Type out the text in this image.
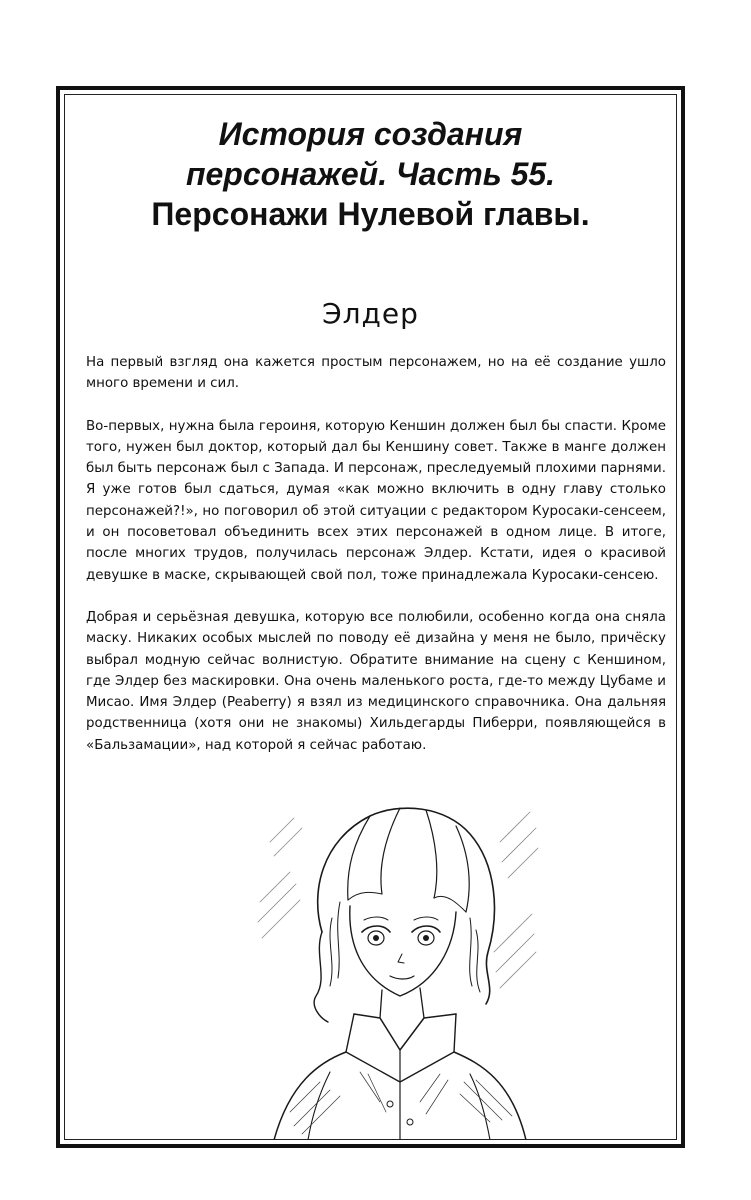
История создания
персонажей. Часть 55.
Персонажи Нулевой главы.
Элдер

На первый взгляд она кажется простым персонажем, но на её создание ушло много времени и сил.

Во-первых, нужна была героиня, которую Кеншин должен был бы спасти. Кроме того, нужен был доктор, который дал бы Кеншину совет. Также в манге должен был быть персонаж был с Запада. И персонаж, преследуемый плохими парнями. Я уже готов был сдаться, думая «как можно включить в одну главу столько персонажей?!», но поговорил об этой ситуации с редактором Куросаки-сенсеем, и он посоветовал объединить всех этих персонажей в одном лице. В итоге, после многих трудов, получилась персонаж Элдер. Кстати, идея о красивой девушке в маске, скрывающей свой пол, тоже принадлежала Куросаки-сенсею.

Добрая и серьёзная девушка, которую все полюбили, особенно когда она сняла маску. Никаких особых мыслей по поводу её дизайна у меня не было, причёску выбрал модную сейчас волнистую. Обратите внимание на сцену с Кеншином, где Элдер без маскировки. Она очень маленького роста, где-то между Цубаме и Мисао. Имя Элдер (Peaberry) я взял из медицинского справочника. Она дальняя родственница (хотя они не знакомы) Хильдегарды Пиберри, появляющейся в «Бальзамации», над которой я сейчас работаю.
